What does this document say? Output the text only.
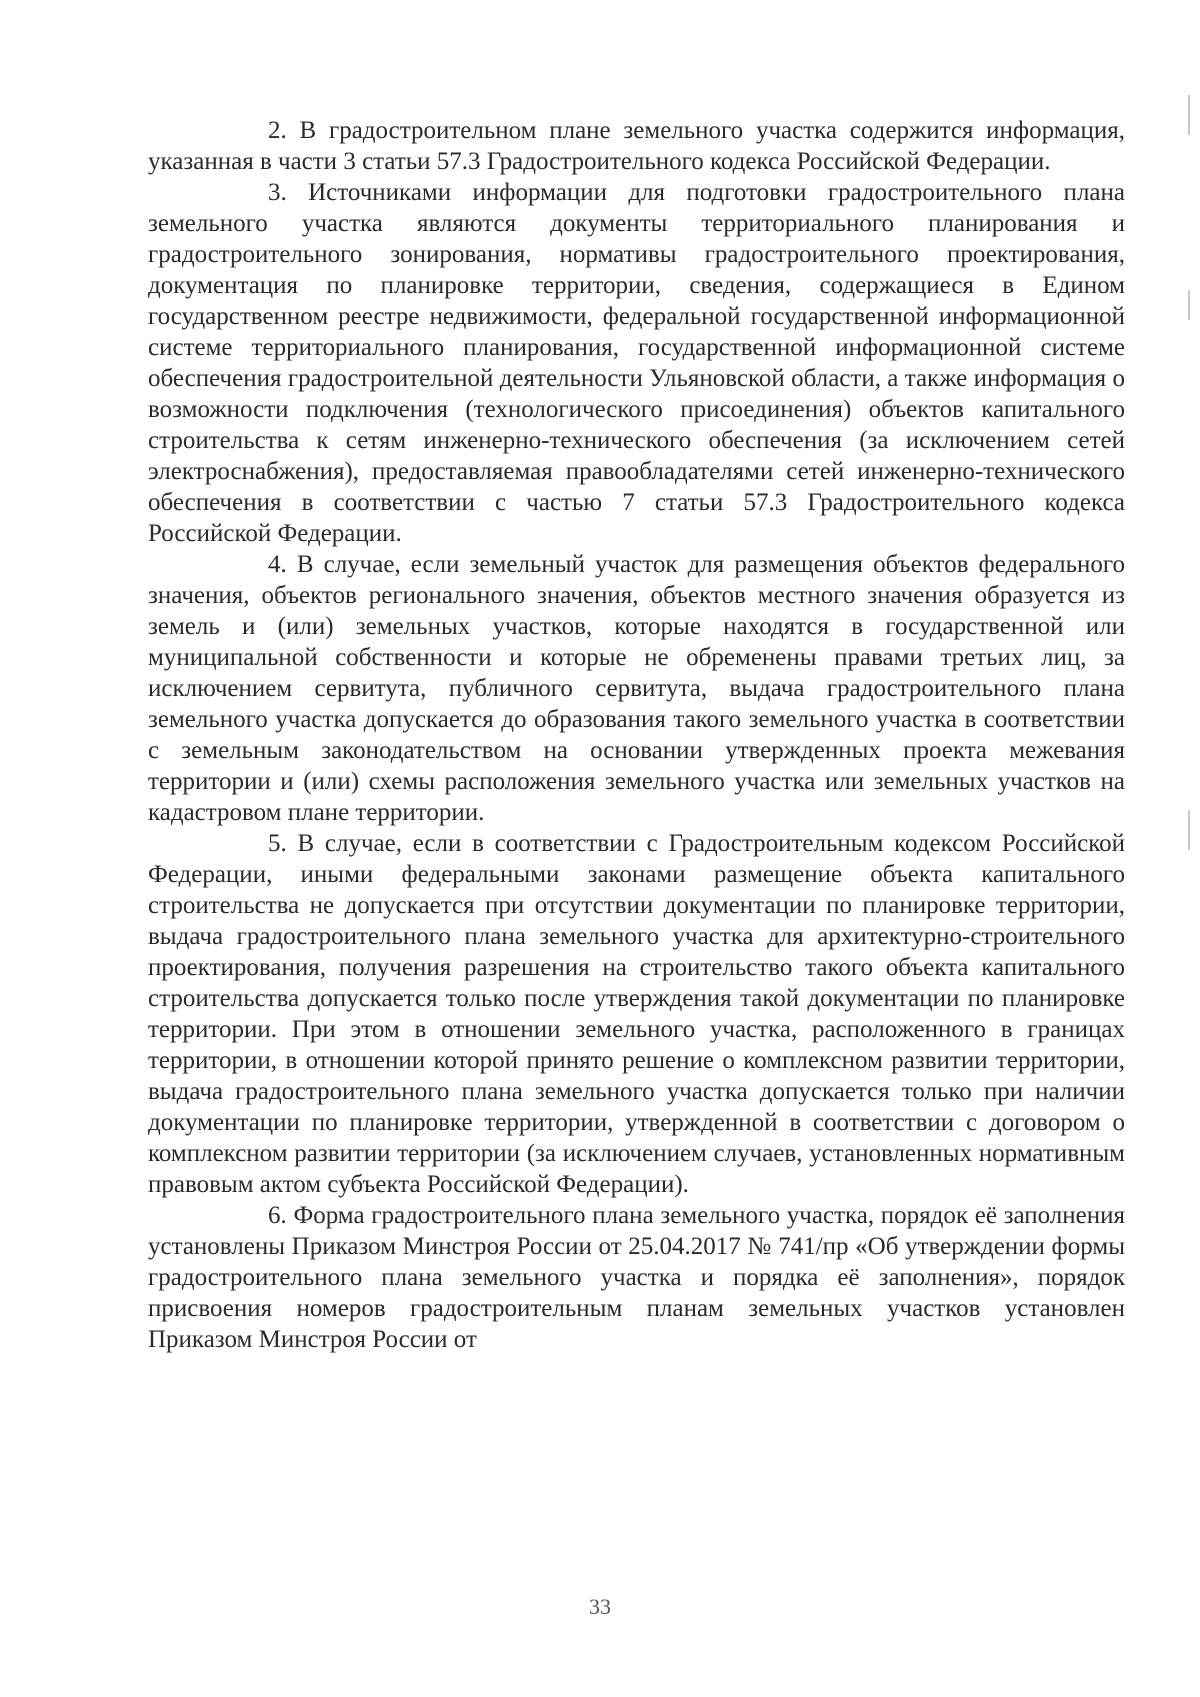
2. В градостроительном плане земельного участка содержится информация, указанная в части 3 статьи 57.3 Градостроительного кодекса Российской Федерации.

3. Источниками информации для подготовки градостроительного плана земельного участка являются документы территориального планирования и градостроительного зонирования, нормативы градостроительного проектирования, документация по планировке территории, сведения, содержащиеся в Едином государственном реестре недвижимости, федеральной государственной информационной системе территориального планирования, государственной информационной системе обеспечения градостроительной деятельности Ульяновской области, а также информация о возможности подключения (технологического присоединения) объектов капитального строительства к сетям инженерно-технического обеспечения (за исключением сетей электроснабжения), предоставляемая правообладателями сетей инженерно-технического обеспечения в соответствии с частью 7 статьи 57.3 Градостроительного кодекса Российской Федерации.

4. В случае, если земельный участок для размещения объектов федерального значения, объектов регионального значения, объектов местного значения образуется из земель и (или) земельных участков, которые находятся в государственной или муниципальной собственности и которые не обременены правами третьих лиц, за исключением сервитута, публичного сервитута, выдача градостроительного плана земельного участка допускается до образования такого земельного участка в соответствии с земельным законодательством на основании утвержденных проекта межевания территории и (или) схемы расположения земельного участка или земельных участков на кадастровом плане территории.

5. В случае, если в соответствии с Градостроительным кодексом Российской Федерации, иными федеральными законами размещение объекта капитального строительства не допускается при отсутствии документации по планировке территории, выдача градостроительного плана земельного участка для архитектурно-строительного проектирования, получения разрешения на строительство такого объекта капитального строительства допускается только после утверждения такой документации по планировке территории. При этом в отношении земельного участка, расположенного в границах территории, в отношении которой принято решение о комплексном развитии территории, выдача градостроительного плана земельного участка допускается только при наличии документации по планировке территории, утвержденной в соответствии с договором о комплексном развитии территории (за исключением случаев, установленных нормативным правовым актом субъекта Российской Федерации).

6. Форма градостроительного плана земельного участка, порядок её заполнения установлены Приказом Минстроя России от 25.04.2017 № 741/пр «Об утверждении формы градостроительного плана земельного участка и порядка её заполнения», порядок присвоения номеров градостроительным планам земельных участков установлен Приказом Минстроя России от

33
